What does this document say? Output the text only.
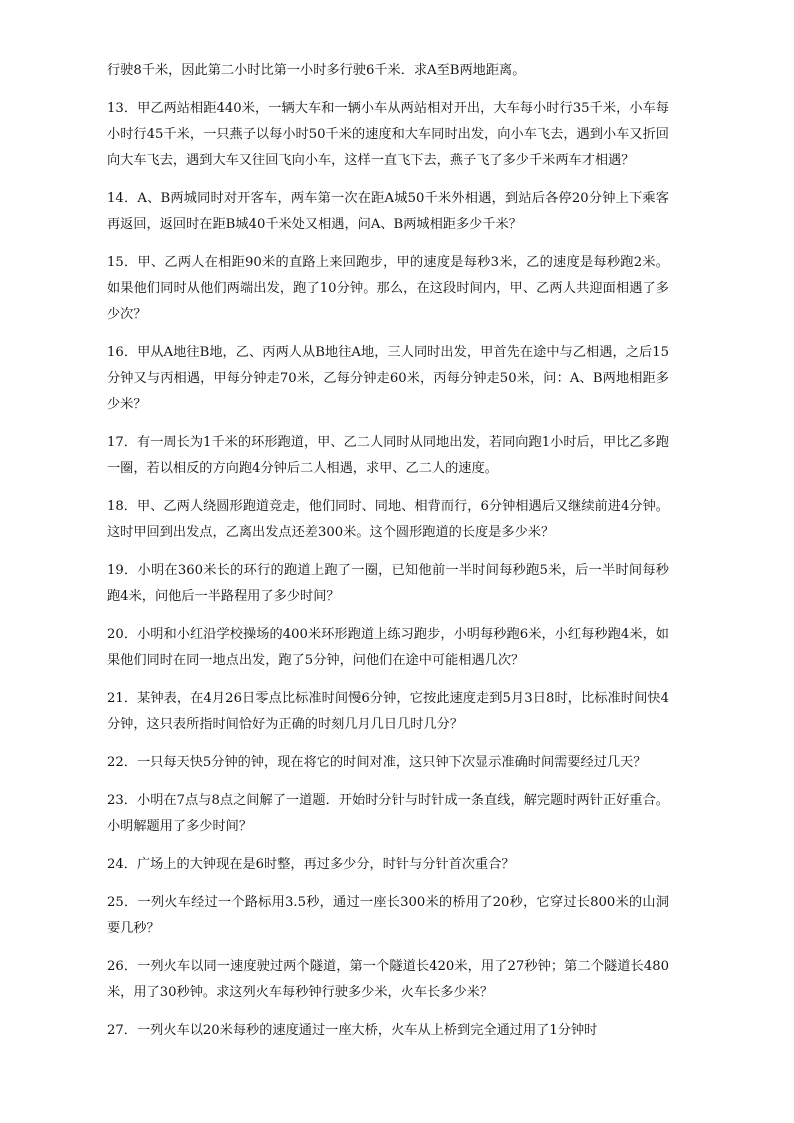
行驶8千米，因此第二小时比第一小时多行驶6千米．求A至B两地距离。

13．甲乙两站相距440米，一辆大车和一辆小车从两站相对开出，大车每小时行35千米，小车每小时行45千米，一只燕子以每小时50千米的速度和大车同时出发，向小车飞去，遇到小车又折回向大车飞去，遇到大车又往回飞向小车，这样一直飞下去，燕子飞了多少千米两车才相遇？

14．A、B两城同时对开客车，两车第一次在距A城50千米外相遇，到站后各停20分钟上下乘客再返回，返回时在距B城40千米处又相遇，问A、B两城相距多少千米？

15．甲、乙两人在相距90米的直路上来回跑步，甲的速度是每秒3米，乙的速度是每秒跑2米。如果他们同时从他们两端出发，跑了10分钟。那么，在这段时间内，甲、乙两人共迎面相遇了多少次？

16．甲从A地往B地，乙、丙两人从B地往A地，三人同时出发，甲首先在途中与乙相遇，之后15分钟又与丙相遇，甲每分钟走70米，乙每分钟走60米，丙每分钟走50米，问：A、B两地相距多少米？

17．有一周长为1千米的环形跑道，甲、乙二人同时从同地出发，若同向跑1小时后，甲比乙多跑一圈，若以相反的方向跑4分钟后二人相遇，求甲、乙二人的速度。

18．甲、乙两人绕圆形跑道竞走，他们同时、同地、相背而行，6分钟相遇后又继续前进4分钟。这时甲回到出发点，乙离出发点还差300米。这个圆形跑道的长度是多少米？

19．小明在360米长的环行的跑道上跑了一圈，已知他前一半时间每秒跑5米，后一半时间每秒跑4米，问他后一半路程用了多少时间？

20．小明和小红沿学校操场的400米环形跑道上练习跑步，小明每秒跑6米，小红每秒跑4米，如果他们同时在同一地点出发，跑了5分钟，问他们在途中可能相遇几次？

21．某钟表，在4月26日零点比标准时间慢6分钟，它按此速度走到5月3日8时，比标准时间快4分钟，这只表所指时间恰好为正确的时刻几月几日几时几分？

22．一只每天快5分钟的钟，现在将它的时间对准，这只钟下次显示准确时间需要经过几天？

23．小明在7点与8点之间解了一道题．开始时分针与时针成一条直线，解完题时两针正好重合。小明解题用了多少时间？

24．广场上的大钟现在是6时整，再过多少分，时针与分针首次重合？

25．一列火车经过一个路标用3.5秒，通过一座长300米的桥用了20秒，它穿过长800米的山洞要几秒？

26．一列火车以同一速度驶过两个隧道，第一个隧道长420米，用了27秒钟；第二个隧道长480米，用了30秒钟。求这列火车每秒钟行驶多少米，火车长多少米？

27．一列火车以20米每秒的速度通过一座大桥，火车从上桥到完全通过用了1分钟时
